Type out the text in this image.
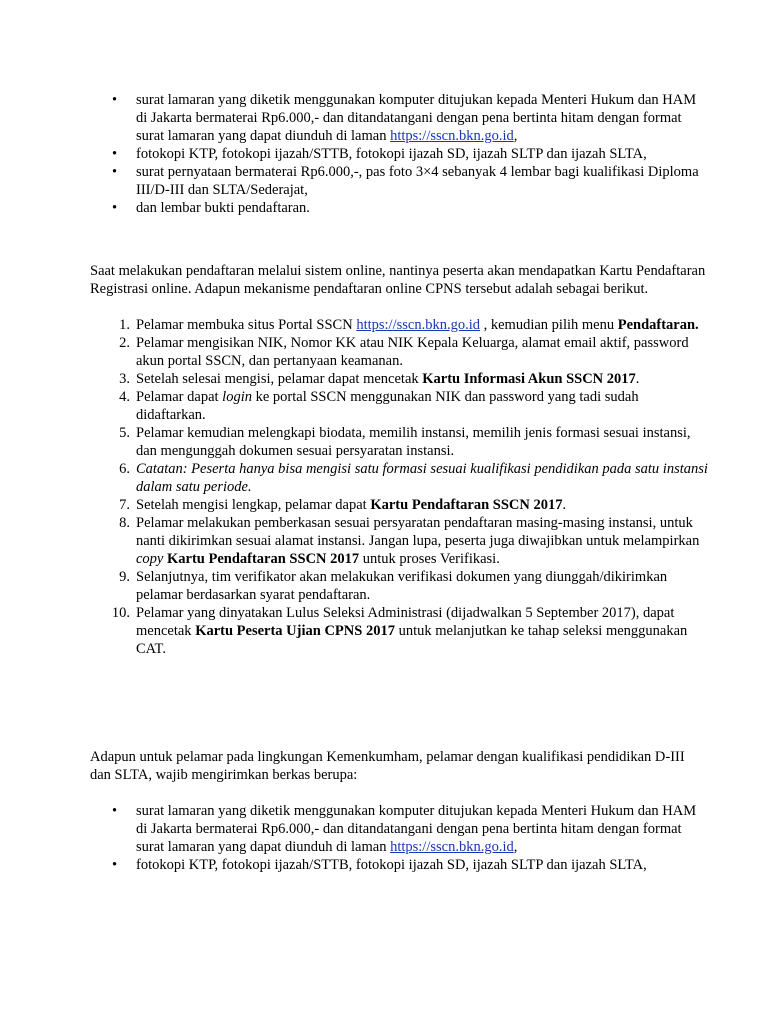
• surat lamaran yang diketik menggunakan komputer ditujukan kepada Menteri Hukum dan HAM di Jakarta bermaterai Rp6.000,- dan ditandatangani dengan pena bertinta hitam dengan format surat lamaran yang dapat diunduh di laman https://sscn.bkn.go.id,
• fotokopi KTP, fotokopi ijazah/STTB, fotokopi ijazah SD, ijazah SLTP dan ijazah SLTA,
• surat pernyataan bermaterai Rp6.000,-, pas foto 3×4 sebanyak 4 lembar bagi kualifikasi Diploma III/D-III dan SLTA/Sederajat,
• dan lembar bukti pendaftaran.

Saat melakukan pendaftaran melalui sistem online, nantinya peserta akan mendapatkan Kartu Pendaftaran Registrasi online. Adapun mekanisme pendaftaran online CPNS tersebut adalah sebagai berikut.

1. Pelamar membuka situs Portal SSCN https://sscn.bkn.go.id , kemudian pilih menu Pendaftaran.
2. Pelamar mengisikan NIK, Nomor KK atau NIK Kepala Keluarga, alamat email aktif, password akun portal SSCN, dan pertanyaan keamanan.
3. Setelah selesai mengisi, pelamar dapat mencetak Kartu Informasi Akun SSCN 2017.
4. Pelamar dapat login ke portal SSCN menggunakan NIK dan password yang tadi sudah didaftarkan.
5. Pelamar kemudian melengkapi biodata, memilih instansi, memilih jenis formasi sesuai instansi, dan mengunggah dokumen sesuai persyaratan instansi.
6. Catatan: Peserta hanya bisa mengisi satu formasi sesuai kualifikasi pendidikan pada satu instansi dalam satu periode.
7. Setelah mengisi lengkap, pelamar dapat Kartu Pendaftaran SSCN 2017.
8. Pelamar melakukan pemberkasan sesuai persyaratan pendaftaran masing-masing instansi, untuk nanti dikirimkan sesuai alamat instansi. Jangan lupa, peserta juga diwajibkan untuk melampirkan copy Kartu Pendaftaran SSCN 2017 untuk proses Verifikasi.
9. Selanjutnya, tim verifikator akan melakukan verifikasi dokumen yang diunggah/dikirimkan pelamar berdasarkan syarat pendaftaran.
10. Pelamar yang dinyatakan Lulus Seleksi Administrasi (dijadwalkan 5 September 2017), dapat mencetak Kartu Peserta Ujian CPNS 2017 untuk melanjutkan ke tahap seleksi menggunakan CAT.

Adapun untuk pelamar pada lingkungan Kemenkumham, pelamar dengan kualifikasi pendidikan D-III dan SLTA, wajib mengirimkan berkas berupa:

• surat lamaran yang diketik menggunakan komputer ditujukan kepada Menteri Hukum dan HAM di Jakarta bermaterai Rp6.000,- dan ditandatangani dengan pena bertinta hitam dengan format surat lamaran yang dapat diunduh di laman https://sscn.bkn.go.id,
• fotokopi KTP, fotokopi ijazah/STTB, fotokopi ijazah SD, ijazah SLTP dan ijazah SLTA,
